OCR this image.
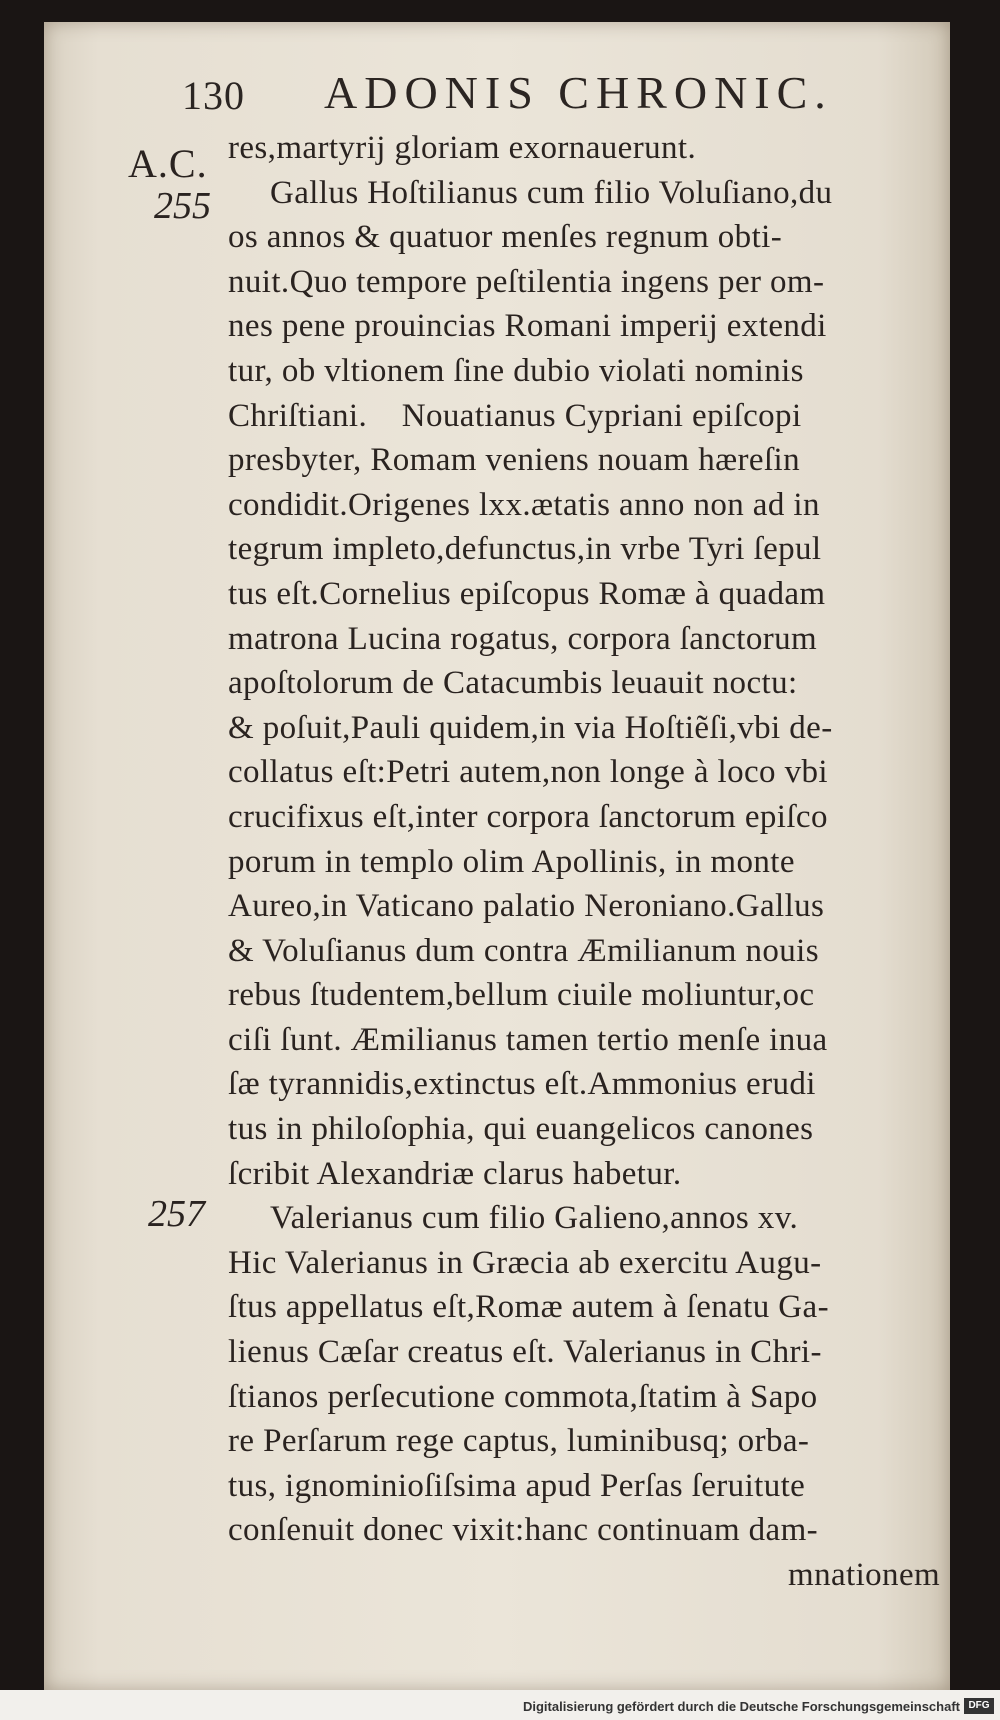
130 ADONIS CHRONIC.
A.C.
255
257
res,martyrij gloriam exornauerunt.
Gallus Hoſtilianus cum filio Voluſiano,du
os annos & quatuor menſes regnum obti-
nuit.Quo tempore peſtilentia ingens per om-
nes pene prouincias Romani imperij extendi
tur, ob vltionem ſine dubio violati nominis
Chriſtiani.    Nouatianus Cypriani epiſcopi
presbyter, Romam veniens nouam hæreſin
condidit.Origenes lxx.ætatis anno non ad in
tegrum impleto,defunctus,in vrbe Tyri ſepul
tus eſt.Cornelius epiſcopus Romæ à quadam
matrona Lucina rogatus, corpora ſanctorum
apoſtolorum de Catacumbis leuauit noctu:
& poſuit,Pauli quidem,in via Hoſtiẽſi,vbi de-
collatus eſt:Petri autem,non longe à loco vbi
crucifixus eſt,inter corpora ſanctorum epiſco
porum in templo olim Apollinis, in monte
Aureo,in Vaticano palatio Neroniano.Gallus
& Voluſianus dum contra Æmilianum nouis
rebus ſtudentem,bellum ciuile moliuntur,oc
ciſi ſunt. Æmilianus tamen tertio menſe inua
ſæ tyrannidis,extinctus eſt.Ammonius erudi
tus in philoſophia, qui euangelicos canones
ſcribit Alexandriæ clarus habetur.
Valerianus cum filio Galieno,annos xv.
Hic Valerianus in Græcia ab exercitu Augu-
ſtus appellatus eſt,Romæ autem à ſenatu Ga-
lienus Cæſar creatus eſt. Valerianus in Chri-
ſtianos perſecutione commota,ſtatim à Sapo
re Perſarum rege captus, luminibusq; orba-
tus, ignominioſiſsima apud Perſas ſeruitute
conſenuit donec vixit:hanc continuam dam-
mnationem
Digitalisierung gefördert durch die Deutsche Forschungsgemeinschaft DFG
